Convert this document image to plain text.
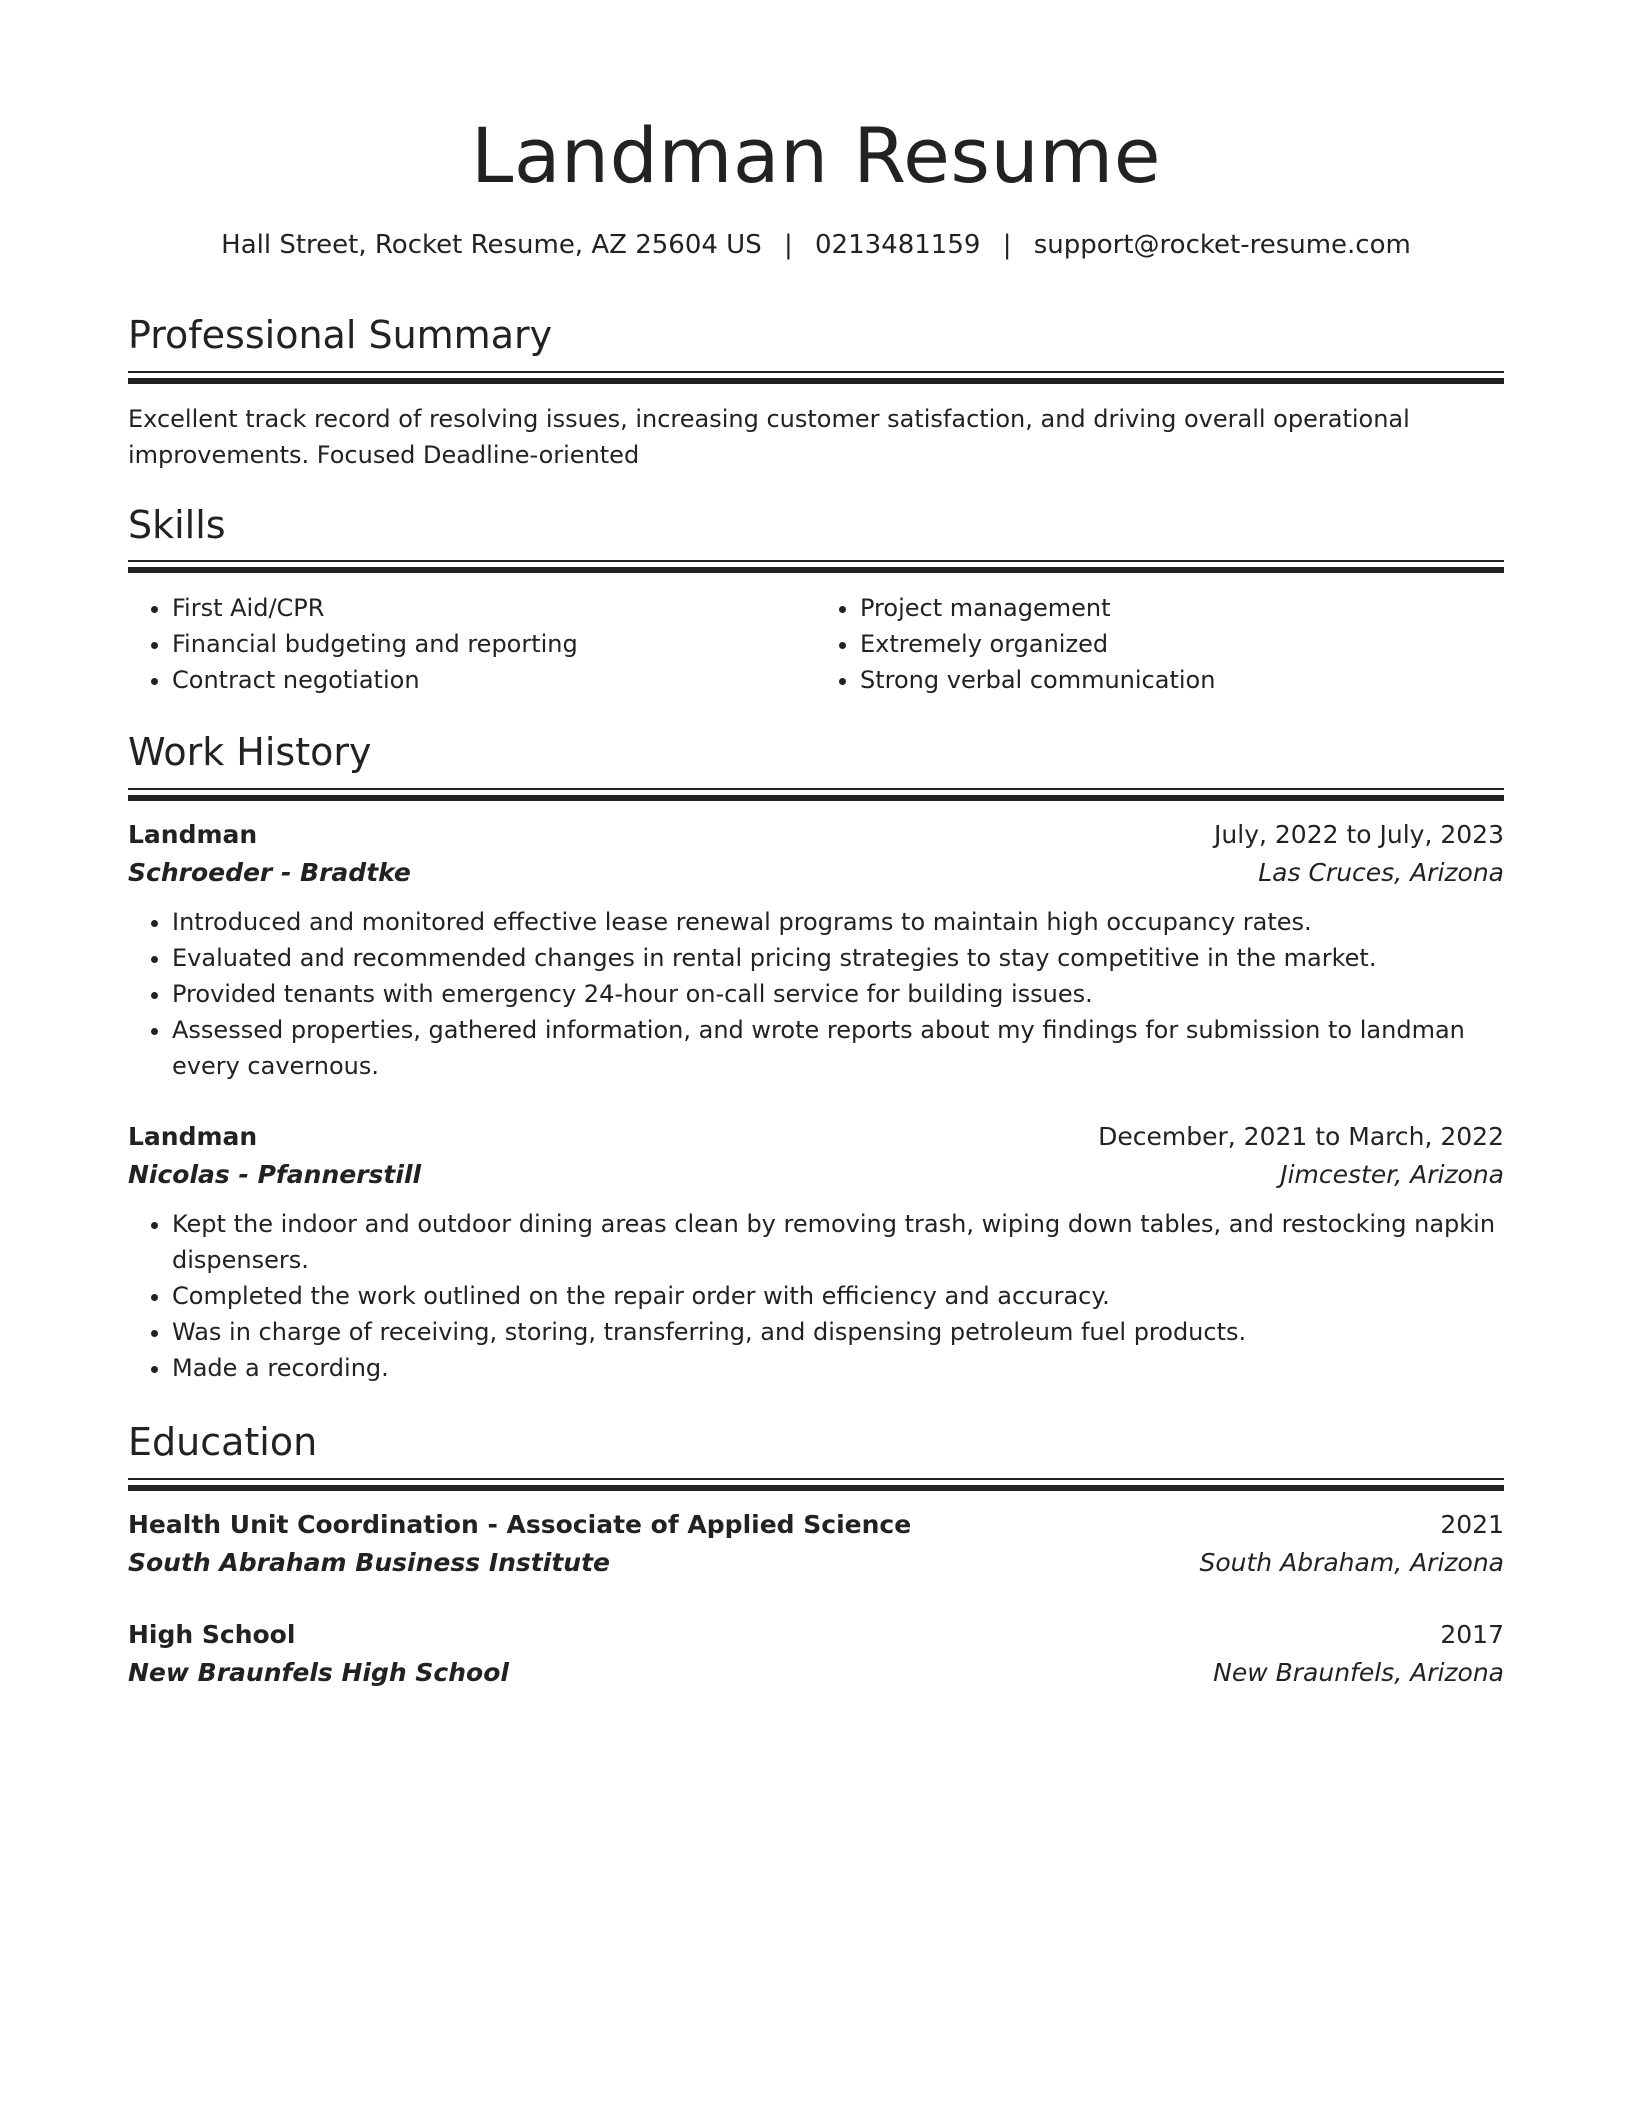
Landman Resume
Hall Street, Rocket Resume, AZ 25604 US | 0213481159 | support@rocket-resume.com
Professional Summary
Excellent track record of resolving issues, increasing customer satisfaction, and driving overall operational improvements. Focused Deadline-oriented
Skills
• First Aid/CPR
• Financial budgeting and reporting
• Contract negotiation
• Project management
• Extremely organized
• Strong verbal communication
Work History
Landman	July, 2022 to July, 2023
Schroeder - Bradtke	Las Cruces, Arizona
• Introduced and monitored effective lease renewal programs to maintain high occupancy rates.
• Evaluated and recommended changes in rental pricing strategies to stay competitive in the market.
• Provided tenants with emergency 24-hour on-call service for building issues.
• Assessed properties, gathered information, and wrote reports about my findings for submission to landman every cavernous.
Landman	December, 2021 to March, 2022
Nicolas - Pfannerstill	Jimcester, Arizona
• Kept the indoor and outdoor dining areas clean by removing trash, wiping down tables, and restocking napkin dispensers.
• Completed the work outlined on the repair order with efficiency and accuracy.
• Was in charge of receiving, storing, transferring, and dispensing petroleum fuel products.
• Made a recording.
Education
Health Unit Coordination - Associate of Applied Science	2021
South Abraham Business Institute	South Abraham, Arizona
High School	2017
New Braunfels High School	New Braunfels, Arizona
